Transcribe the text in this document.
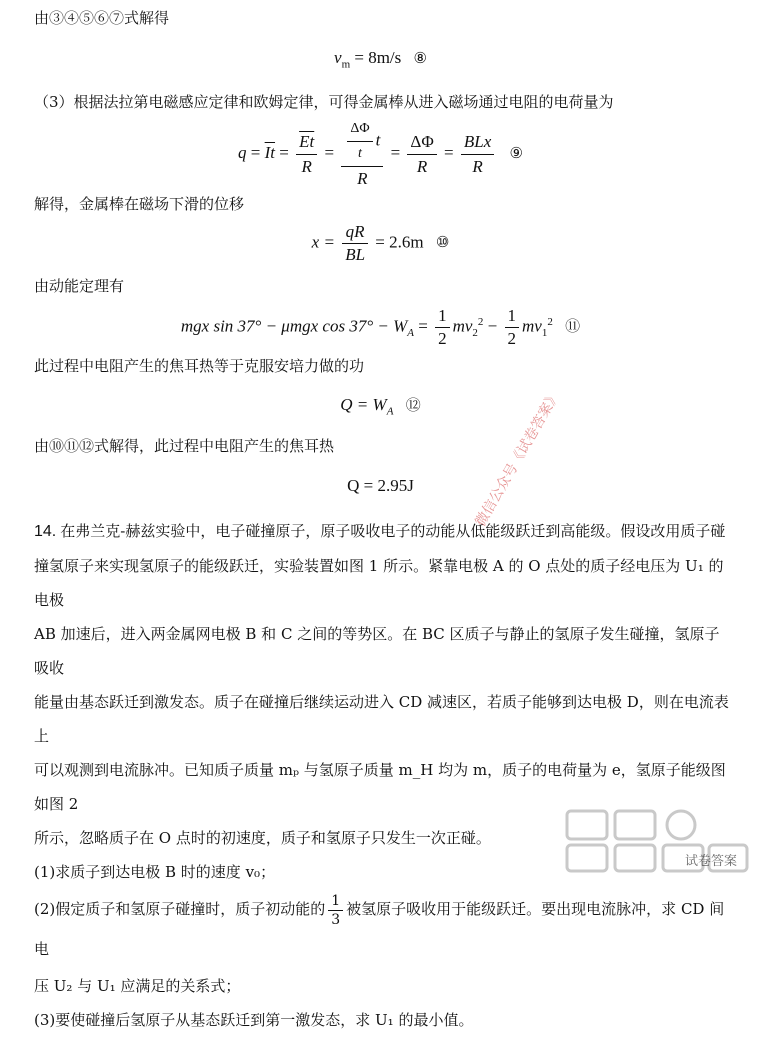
由③④⑤⑥⑦式解得
$v_m = 8m/s$ ⑧
（3）根据法拉第电磁感应定律和欧姆定律，可得金属棒从进入磁场通过电阻的电荷量为
$q = \overline{It} = \frac{\overline{Et}}{R} = \frac{\frac{\Delta\Phi}{t} t}{R} = \frac{\Delta\Phi}{R} = \frac{\text{BLx}}{R}$ ⑨
解得，金属棒在磁场下滑的位移
$x = \frac{qR}{BL} = 2.6m$ ⑩
由动能定理有
mgx sin 37° − μmgx $\cos 37^\circ - W_A = \frac{1}{2} mv_2^2 - \frac{1}{2} mv_1^2$ ⑪
此过程中电阻产生的焦耳热等于克服安培力做的功
$Q = W_A$ ⑫
由⑩⑪⑫式解得，此过程中电阻产生的焦耳热
Q = 2.95J
14. 在弗兰克-赫兹实验中，电子碰撞原子，原子吸收电子的动能从低能级跃迁到高能级。假设改用质子碰
撞氢原子来实现氢原子的能级跃迁，实验装置如图 1 所示。紧靠电极 A 的 O 点处的质子经电压为 U₁ 的电极
AB 加速后，进入两金属网电极 B 和 C 之间的等势区。在 BC 区质子与静止的氢原子发生碰撞，氢原子吸收
能量由基态跃迁到激发态。质子在碰撞后继续运动进入 CD 减速区，若质子能够到达电极 D，则在电流表上
可以观测到电流脉冲。已知质子质量 mₚ 与氢原子质量 m_H 均为 m，质子的电荷量为 e，氢原子能级图如图 2
所示，忽略质子在 O 点时的初速度，质子和氢原子只发生一次正碰。
(1)求质子到达电极 B 时的速度 v₀；
(2)假定质子和氢原子碰撞时，质子初动能的 $\frac{1}{3}$ 被氢原子吸收用于能级跃迁。要出现电流脉冲，求 CD 间电
压 U₂ 与 U₁ 应满足的关系式；
(3)要使碰撞后氢原子从基态跃迁到第一激发态，求 U₁ 的最小值。
微信公众号《试卷答案》
试卷答案
